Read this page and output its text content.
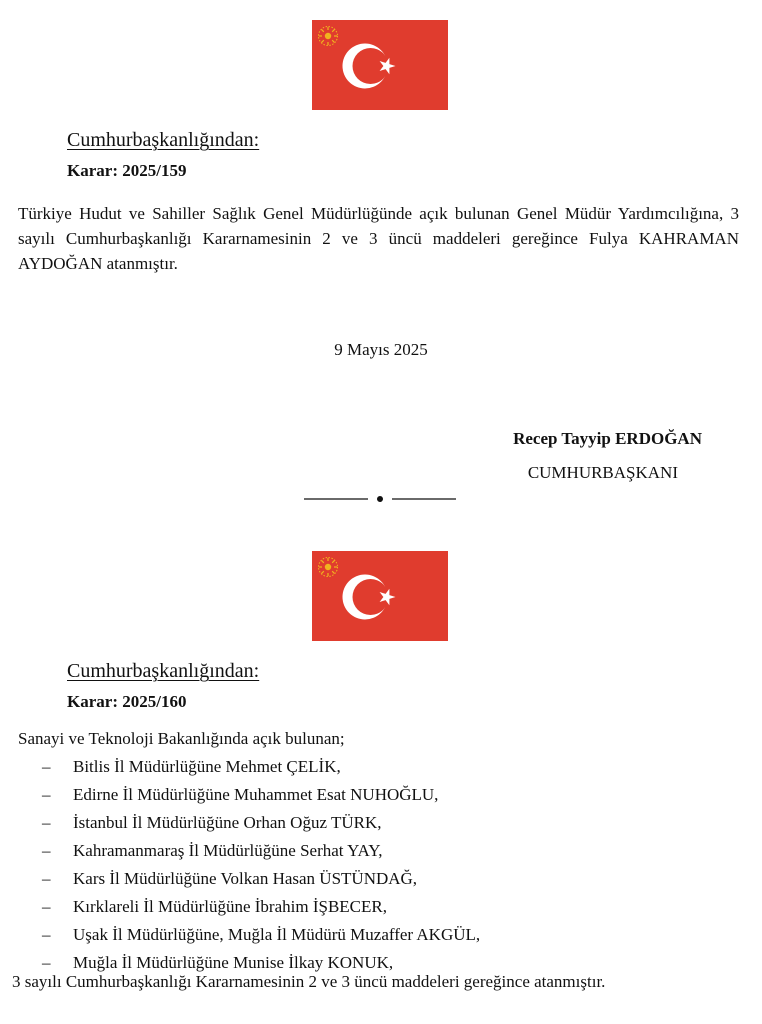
Cumhurbaşkanlığından:
Karar: 2025/159
Türkiye Hudut ve Sahiller Sağlık Genel Müdürlüğünde açık bulunan Genel Müdür Yardımcılığına, 3 sayılı Cumhurbaşkanlığı Kararnamesinin 2 ve 3 üncü maddeleri gereğince Fulya KAHRAMAN AYDOĞAN atanmıştır.
9 Mayıs 2025
Recep Tayyip ERDOĞAN
CUMHURBAŞKANI
Cumhurbaşkanlığından:
Karar: 2025/160
Sanayi ve Teknoloji Bakanlığında açık bulunan;
– Bitlis İl Müdürlüğüne Mehmet ÇELİK,
– Edirne İl Müdürlüğüne Muhammet Esat NUHOĞLU,
– İstanbul İl Müdürlüğüne Orhan Oğuz TÜRK,
– Kahramanmaraş İl Müdürlüğüne Serhat YAY,
– Kars İl Müdürlüğüne Volkan Hasan ÜSTÜNDAĞ,
– Kırklareli İl Müdürlüğüne İbrahim İŞBECER,
– Uşak İl Müdürlüğüne, Muğla İl Müdürü Muzaffer AKGÜL,
– Muğla İl Müdürlüğüne Munise İlkay KONUK,
3 sayılı Cumhurbaşkanlığı Kararnamesinin 2 ve 3 üncü maddeleri gereğince atanmıştır.
